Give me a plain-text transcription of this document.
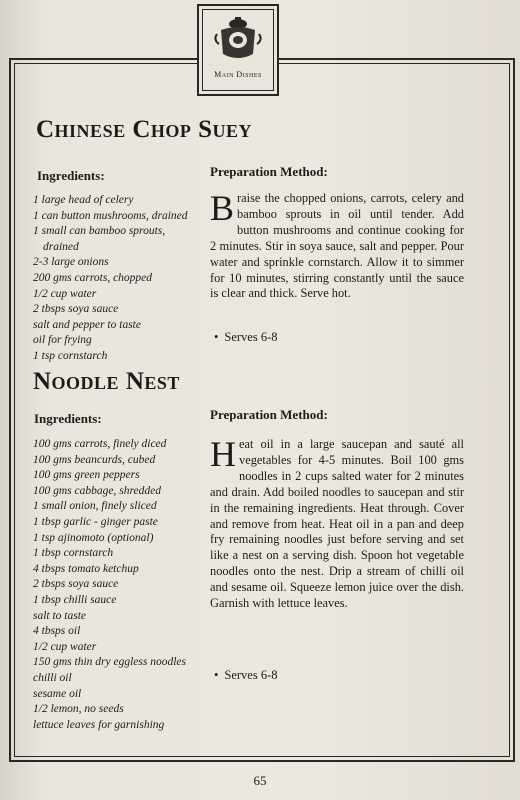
Main Dishes
Chinese Chop Suey
Ingredients:
1 large head of celery
1 can button mushrooms, drained
1 small can bamboo sprouts,
drained
2-3 large onions
200 gms carrots, chopped
1/2 cup water
2 tbsps soya sauce
salt and pepper to taste
oil for frying
1 tsp cornstarch
Preparation Method:

Braise the chopped onions, carrots, celery and bamboo sprouts in oil until tender. Add button mushrooms and continue cooking for 2 minutes. Stir in soya sauce, salt and pepper. Pour water and sprinkle cornstarch. Allow it to simmer for 10 minutes, stirring constantly until the sauce is clear and thick. Serve hot.

• Serves 6-8

Noodle Nest
Ingredients:
100 gms carrots, finely diced
100 gms beancurds, cubed
100 gms green peppers
100 gms cabbage, shredded
1 small onion, finely sliced
1 tbsp garlic - ginger paste
1 tsp ajinomoto (optional)
1 tbsp cornstarch
4 tbsps tomato ketchup
2 tbsps soya sauce
1 tbsp chilli sauce
salt to taste
4 tbsps oil
1/2 cup water
150 gms thin dry eggless noodles
chilli oil
sesame oil
1/2 lemon, no seeds
lettuce leaves for garnishing
Preparation Method:

Heat oil in a large saucepan and sauté all vegetables for 4-5 minutes. Boil 100 gms noodles in 2 cups salted water for 2 minutes and drain. Add boiled noodles to saucepan and stir in the remaining ingredients. Heat through. Cover and remove from heat. Heat oil in a pan and deep fry remaining noodles just before serving and set like a nest on a serving dish. Spoon hot vegetable noodles onto the nest. Drip a stream of chilli oil and sesame oil. Squeeze lemon juice over the dish. Garnish with lettuce leaves.

• Serves 6-8

65
